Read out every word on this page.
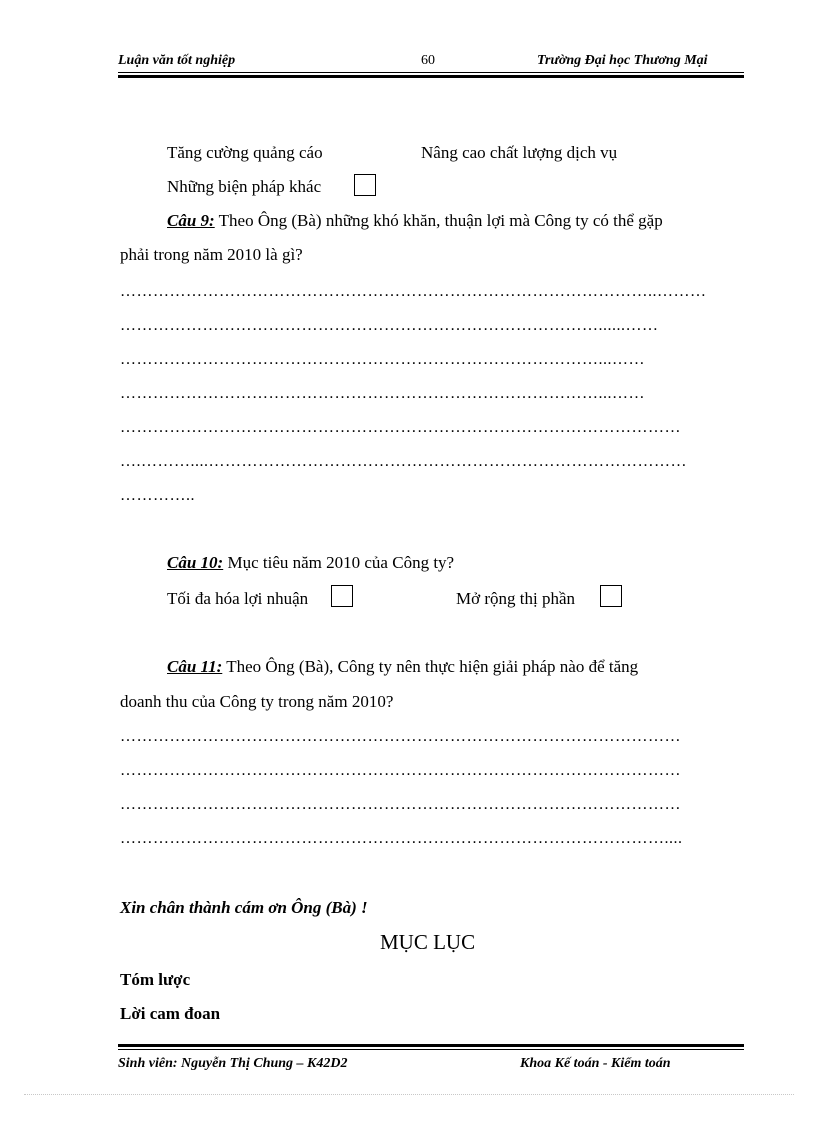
Luận văn tốt nghiệp	60	Trường Đại học Thương Mại
Tăng cường quảng cáo	Nâng cao chất lượng dịch vụ
Những biện pháp khác
Câu 9: Theo Ông (Bà) những khó khăn, thuận lợi mà Công ty có thể gặp
phải trong năm 2010 là gì?
……………………………………………………………………………………..………
……………………………………………………………………………......……
……………………………………………………………………………...……
……………………………………………………………………………...……
…………………………………………………………………………………………
….………....……………………………………………………………………………
…………..
Câu 10: Mục tiêu năm 2010 của Công ty?
Tối đa hóa lợi nhuận	Mở rộng thị phần
Câu 11: Theo Ông (Bà), Công ty nên thực hiện giải pháp nào để tăng
doanh thu của Công ty trong năm 2010?
…………………………………………………………………………………………
…………………………………………………………………………………………
…………………………………………………………………………………………
………………………………………………………………………………………....
Xin chân thành cám ơn Ông (Bà) !
MỤC LỤC
Tóm lược
Lời cam đoan
Sinh viên: Nguyễn Thị Chung – K42D2	Khoa Kế toán - Kiểm toán
